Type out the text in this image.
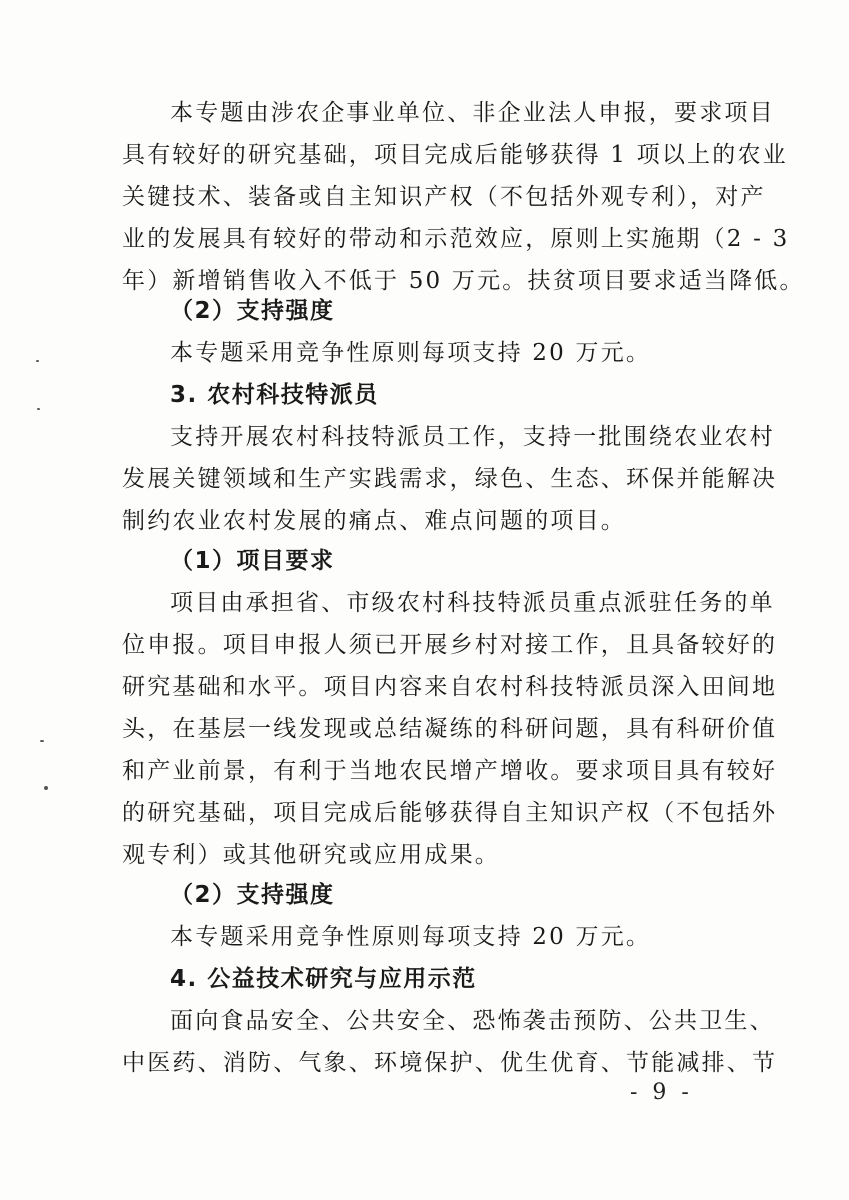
本专题由涉农企事业单位、非企业法人申报，要求项目
具有较好的研究基础，项目完成后能够获得 1 项以上的农业
关键技术、装备或自主知识产权（不包括外观专利），对产
业的发展具有较好的带动和示范效应，原则上实施期（2 - 3
年）新增销售收入不低于 50 万元。扶贫项目要求适当降低。
（2）支持强度
本专题采用竞争性原则每项支持 20 万元。
3. 农村科技特派员
支持开展农村科技特派员工作，支持一批围绕农业农村
发展关键领域和生产实践需求，绿色、生态、环保并能解决
制约农业农村发展的痛点、难点问题的项目。
（1）项目要求
项目由承担省、市级农村科技特派员重点派驻任务的单
位申报。项目申报人须已开展乡村对接工作，且具备较好的
研究基础和水平。项目内容来自农村科技特派员深入田间地
头，在基层一线发现或总结凝练的科研问题，具有科研价值
和产业前景，有利于当地农民增产增收。要求项目具有较好
的研究基础，项目完成后能够获得自主知识产权（不包括外
观专利）或其他研究或应用成果。
（2）支持强度
本专题采用竞争性原则每项支持 20 万元。
4. 公益技术研究与应用示范
面向食品安全、公共安全、恐怖袭击预防、公共卫生、
中医药、消防、气象、环境保护、优生优育、节能减排、节
- 9 -
